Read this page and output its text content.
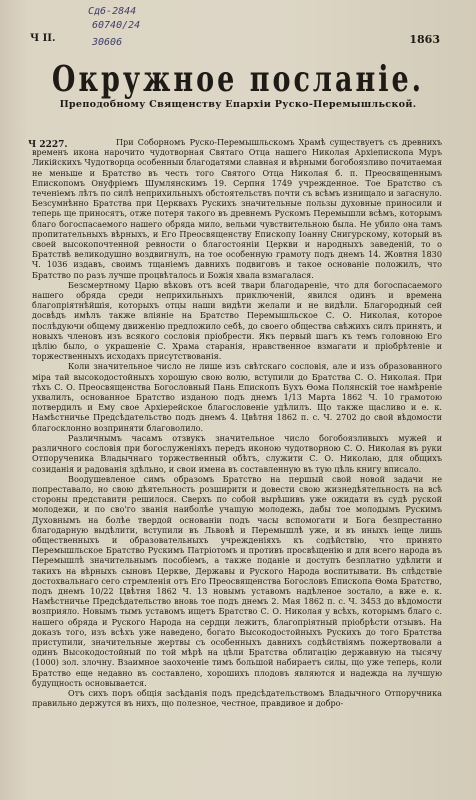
Сд6-2844
60740/24
30606
Ч II.	1863
Окружное посланіе.
Преподобному Священству Епархіи Руско-Перемышльской.
Ч 2227.	При Соборномъ Руско-Перемышльскомъ Храмѣ существуетъ съ древнихъ временъ икона нарочито чудотворная Святаго Отца нашего Николая Архіепископа Муръ Ликійскихъ Чудотворца особенныи благодатями славная и вѣрными богобоязливо почитаемая не меньше и Братство въ честь того Святого Отца Николая б. п. Преосвященнымъ Епископомъ Онуфріемъ Шумлянскимъ 19. Серпня 1749 учрежденное. Тое Братство съ теченіемъ лѣтъ по силѣ неприхильныхъ обстоятельствъ почти съ всѣмъ изнищало и загаснуло. Безсумнѣнно Братства при Церквахъ Рускихъ значительные пользы духовные приносили и теперь ще приносятъ, отже потеря такого въ древнемъ Рускомъ Перемышли всѣмъ, которымъ благо богоспасаемого нашего обряда мило, вельми чувствительною была. Не убило она тамъ пропитательныхъ вѣрныхъ, и Его Преосвященству Епископу Іоанну Снигурскому, который въ своей высокопочтенной ревности о благостояніи Церкви и народныхъ заведеній, то о Братствѣ великодушно воздвигнулъ, на тое особенную грамоту подъ днемъ 14. Жовтня 1830 Ч. 1036 издавъ, своимъ тщаніемъ давнихъ подвиговъ и такое основаніе положилъ, что Братство по разъ лучше процвѣталось и Божія хвала взмагалася.

Безсмертному Царю вѣковъ отъ всей твари благодареніе, что для богоспасаемого нашего обряда среди неприхильныхъ приключеній, явился одинъ и времена благопріятнѣйшія, которыхъ отцы наши видѣти желали и не видѣли. Благородный сей досвѣдъ имѣлъ также вліяніе на Братство Перемышльское С. О. Николая, которое послѣдуючи общему движенію предложило себѣ, до своего общества свѣжихъ силъ принять, и новыхъ членовъ изъ всякого сословія пріобрести. Якъ первый шагъ къ темъ головною Его цѣлію было, о украшеніе С. Храма старанія, нравственное взмагати и пріобрѣтеніе и торжественныхъ исходахъ присутствованія.

Коли значительное число не лише изъ свѣтскаго сословія, але и изъ образованного міра тай высокодостойныхъ хорошую свою волю, вступили до Братства С. О. Николая. При тѣхъ С. О. Преосвященства Богословный Пань Епископъ Бухъ Ѳома Полянскій тое намѣреніе ухвалилъ, основанное Братство изданою подъ днемъ 1/13 Марта 1862 Ч. 10 грамотою потвердилъ и Ему свое Архіерейское благословеніе удѣлилъ. Що также щасливо и е. к. Намѣстничье Предсѣдательство подъ днемъ 4. Цвѣтня 1862 п. с. Ч. 2702 до свой вѣдомости благосклонно возприняти благоволило.

Различнымъ часамъ отзвукъ значительное число богобоязливыхъ мужей и различного сословія при богослуженіяхъ передъ иконою чудотворною С. О. Николая въ руки Отпорученика Владычнаго торжественный обѣтъ, служити С. О. Николаю, для общихъ созиданія и радованія здѣльно, и свои имена въ составленную въ тую цѣль книгу вписало.

Воодушевленое симъ образомъ Братство на першый свой новой задачи не попреставало, но свою дѣятельность розширити и довести свою жизнедѣятельность на всѣ стороны представити решилося. Сверхъ по собой вырѣшивъ уже ожидати въ судѣ руской молодежи, и по сво'го званія наиболѣе учащую молодежь, дабы тое молодымъ Рускимъ Духовнымъ на болѣе твердой основаніи подъ часы вспомогати и Бога безпрестанно благодарную выдѣлити, вступили въ Львовѣ и Перемышлѣ уже, и въ иныхъ іеще лишь общественныхъ и образовательныхъ учрежденіяхъ къ содѣйствію, что принято Перемышльское Братство Рускимъ Патріотомъ и противъ просвѣщенію и для всего народа въ Перемышлѣ значительнымъ пособіемъ, а также поданіе и доступъ безплатно удѣлити и такихъ на вѣрныхъ сыновъ Церкве, Державы и Руского Народа воспитывати. Въ слѣдствіе достохвальнаго сего стремленія отъ Его Преосвященства Богословъ Епископа Ѳома Братство, подъ днемъ 10/22 Цвѣтня 1862 Ч. 13 новымъ уставомъ надѣленое зостало, а вже е. к. Намѣстничье Предсѣдательство вновь тое подъ днемъ 2. Мая 1862 п. с. Ч. 3453 до вѣдомости возприяло. Новымъ тымъ уставомъ ищетъ Братство С. О. Николая у всѣхъ, которымъ благо с. нашего обряда и Руского Народа на сердци лежитъ, благопріятный пріобрѣсти отзывъ. На доказъ того, изъ всѣхъ уже наведено, богато Высокодостойныхъ Рускихъ до того Братства приступили, значительные жертвы съ особенныхъ давнихъ содѣйствіямъ пожертвовали а одинъ Высокодостойный по той мѣрѣ на цѣли Братства облигацію державную на тысячу (1000) зол. злочну. Взаимное заохоченіе тимъ большой набираетъ силы, що уже теперь, коли Братство еще недавно въ составлено, хорошихъ плодовъ являются и надежда на лучшую будущность основывается.

Отъ сихъ поръ общія засѣданія подъ предсѣдательствомъ Владычного Отпоручника правильно держутся въ нихъ, що полезное, честное, правдивое и добро-
